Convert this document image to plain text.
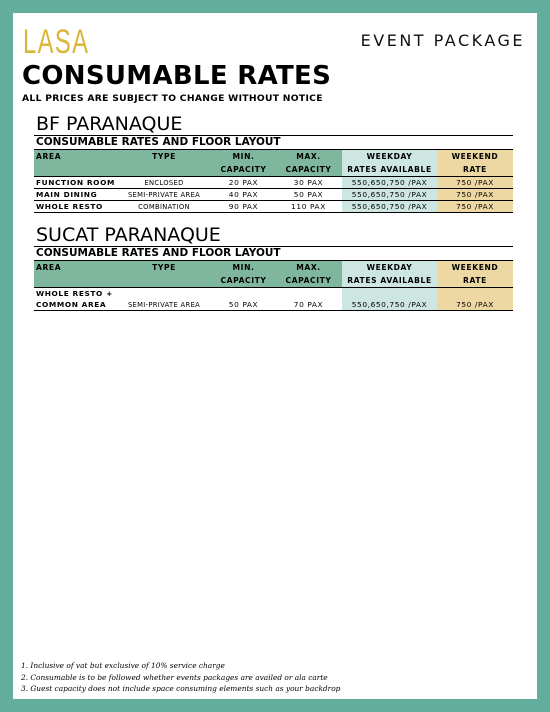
LASA	EVENT PACKAGE
CONSUMABLE RATES
ALL PRICES ARE SUBJECT TO CHANGE WITHOUT NOTICE
BF PARANAQUE
CONSUMABLE RATES AND FLOOR LAYOUT
AREA	TYPE	MIN.	MAX.	WEEKDAY	WEEKEND
		CAPACITY	CAPACITY	RATES AVAILABLE	RATE
FUNCTION ROOM	ENCLOSED	20 PAX	30 PAX	550,650,750 /PAX	750 /PAX
MAIN DINING	SEMI-PRIVATE AREA	40 PAX	50 PAX	550,650,750 /PAX	750 /PAX
WHOLE RESTO	COMBINATION	90 PAX	110 PAX	550,650,750 /PAX	750 /PAX
SUCAT PARANAQUE
CONSUMABLE RATES AND FLOOR LAYOUT
AREA	TYPE	MIN.	MAX.	WEEKDAY	WEEKEND
		CAPACITY	CAPACITY	RATES AVAILABLE	RATE
WHOLE RESTO +					
COMMON AREA	SEMI-PRIVATE AREA	50 PAX	70 PAX	550,650,750 /PAX	750 /PAX
1. Inclusive of vat but exclusive of 10% service charge
2. Consumable is to be followed whether events packages are availed or ala carte
3. Guest capacity does not include space consuming elements such as your backdrop
